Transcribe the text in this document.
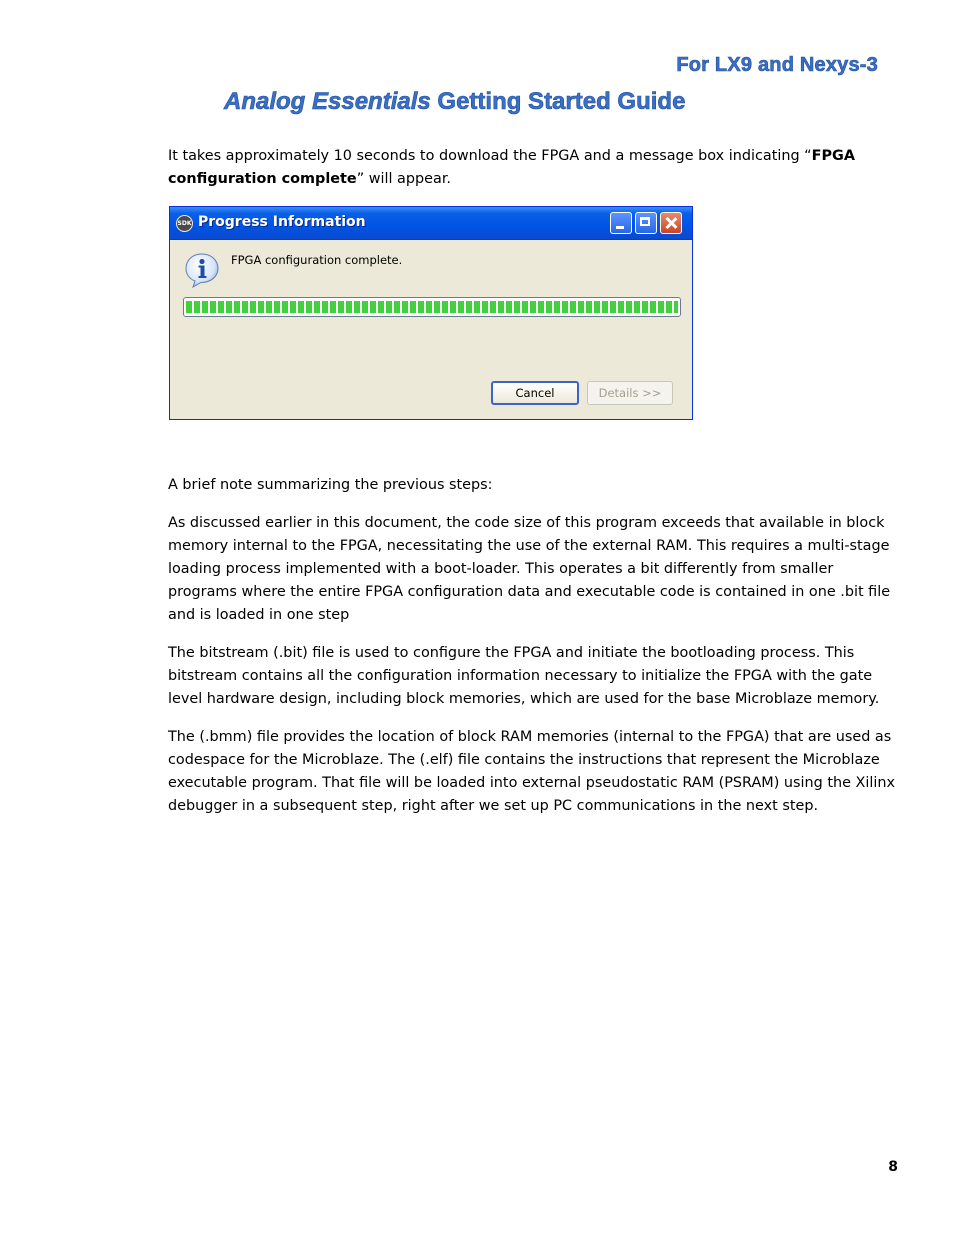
For LX9 and Nexys-3
Analog Essentials Getting Started Guide

It takes approximately 10 seconds to download the FPGA and a message box indicating “FPGA configuration complete” will appear.

SDK Progress Information
FPGA configuration complete.
Cancel	Details >>

A brief note summarizing the previous steps:

As discussed earlier in this document, the code size of this program exceeds that available in block memory internal to the FPGA, necessitating the use of the external RAM. This requires a multi-stage loading process implemented with a boot-loader. This operates a bit differently from smaller programs where the entire FPGA configuration data and executable code is contained in one .bit file and is loaded in one step

The bitstream (.bit) file is used to configure the FPGA and initiate the bootloading process. This bitstream contains all the configuration information necessary to initialize the FPGA with the gate level hardware design, including block memories, which are used for the base Microblaze memory.

The (.bmm) file provides the location of block RAM memories (internal to the FPGA) that are used as codespace for the Microblaze. The (.elf) file contains the instructions that represent the Microblaze executable program. That file will be loaded into external pseudostatic RAM (PSRAM) using the Xilinx debugger in a subsequent step, right after we set up PC communications in the next step.

8
